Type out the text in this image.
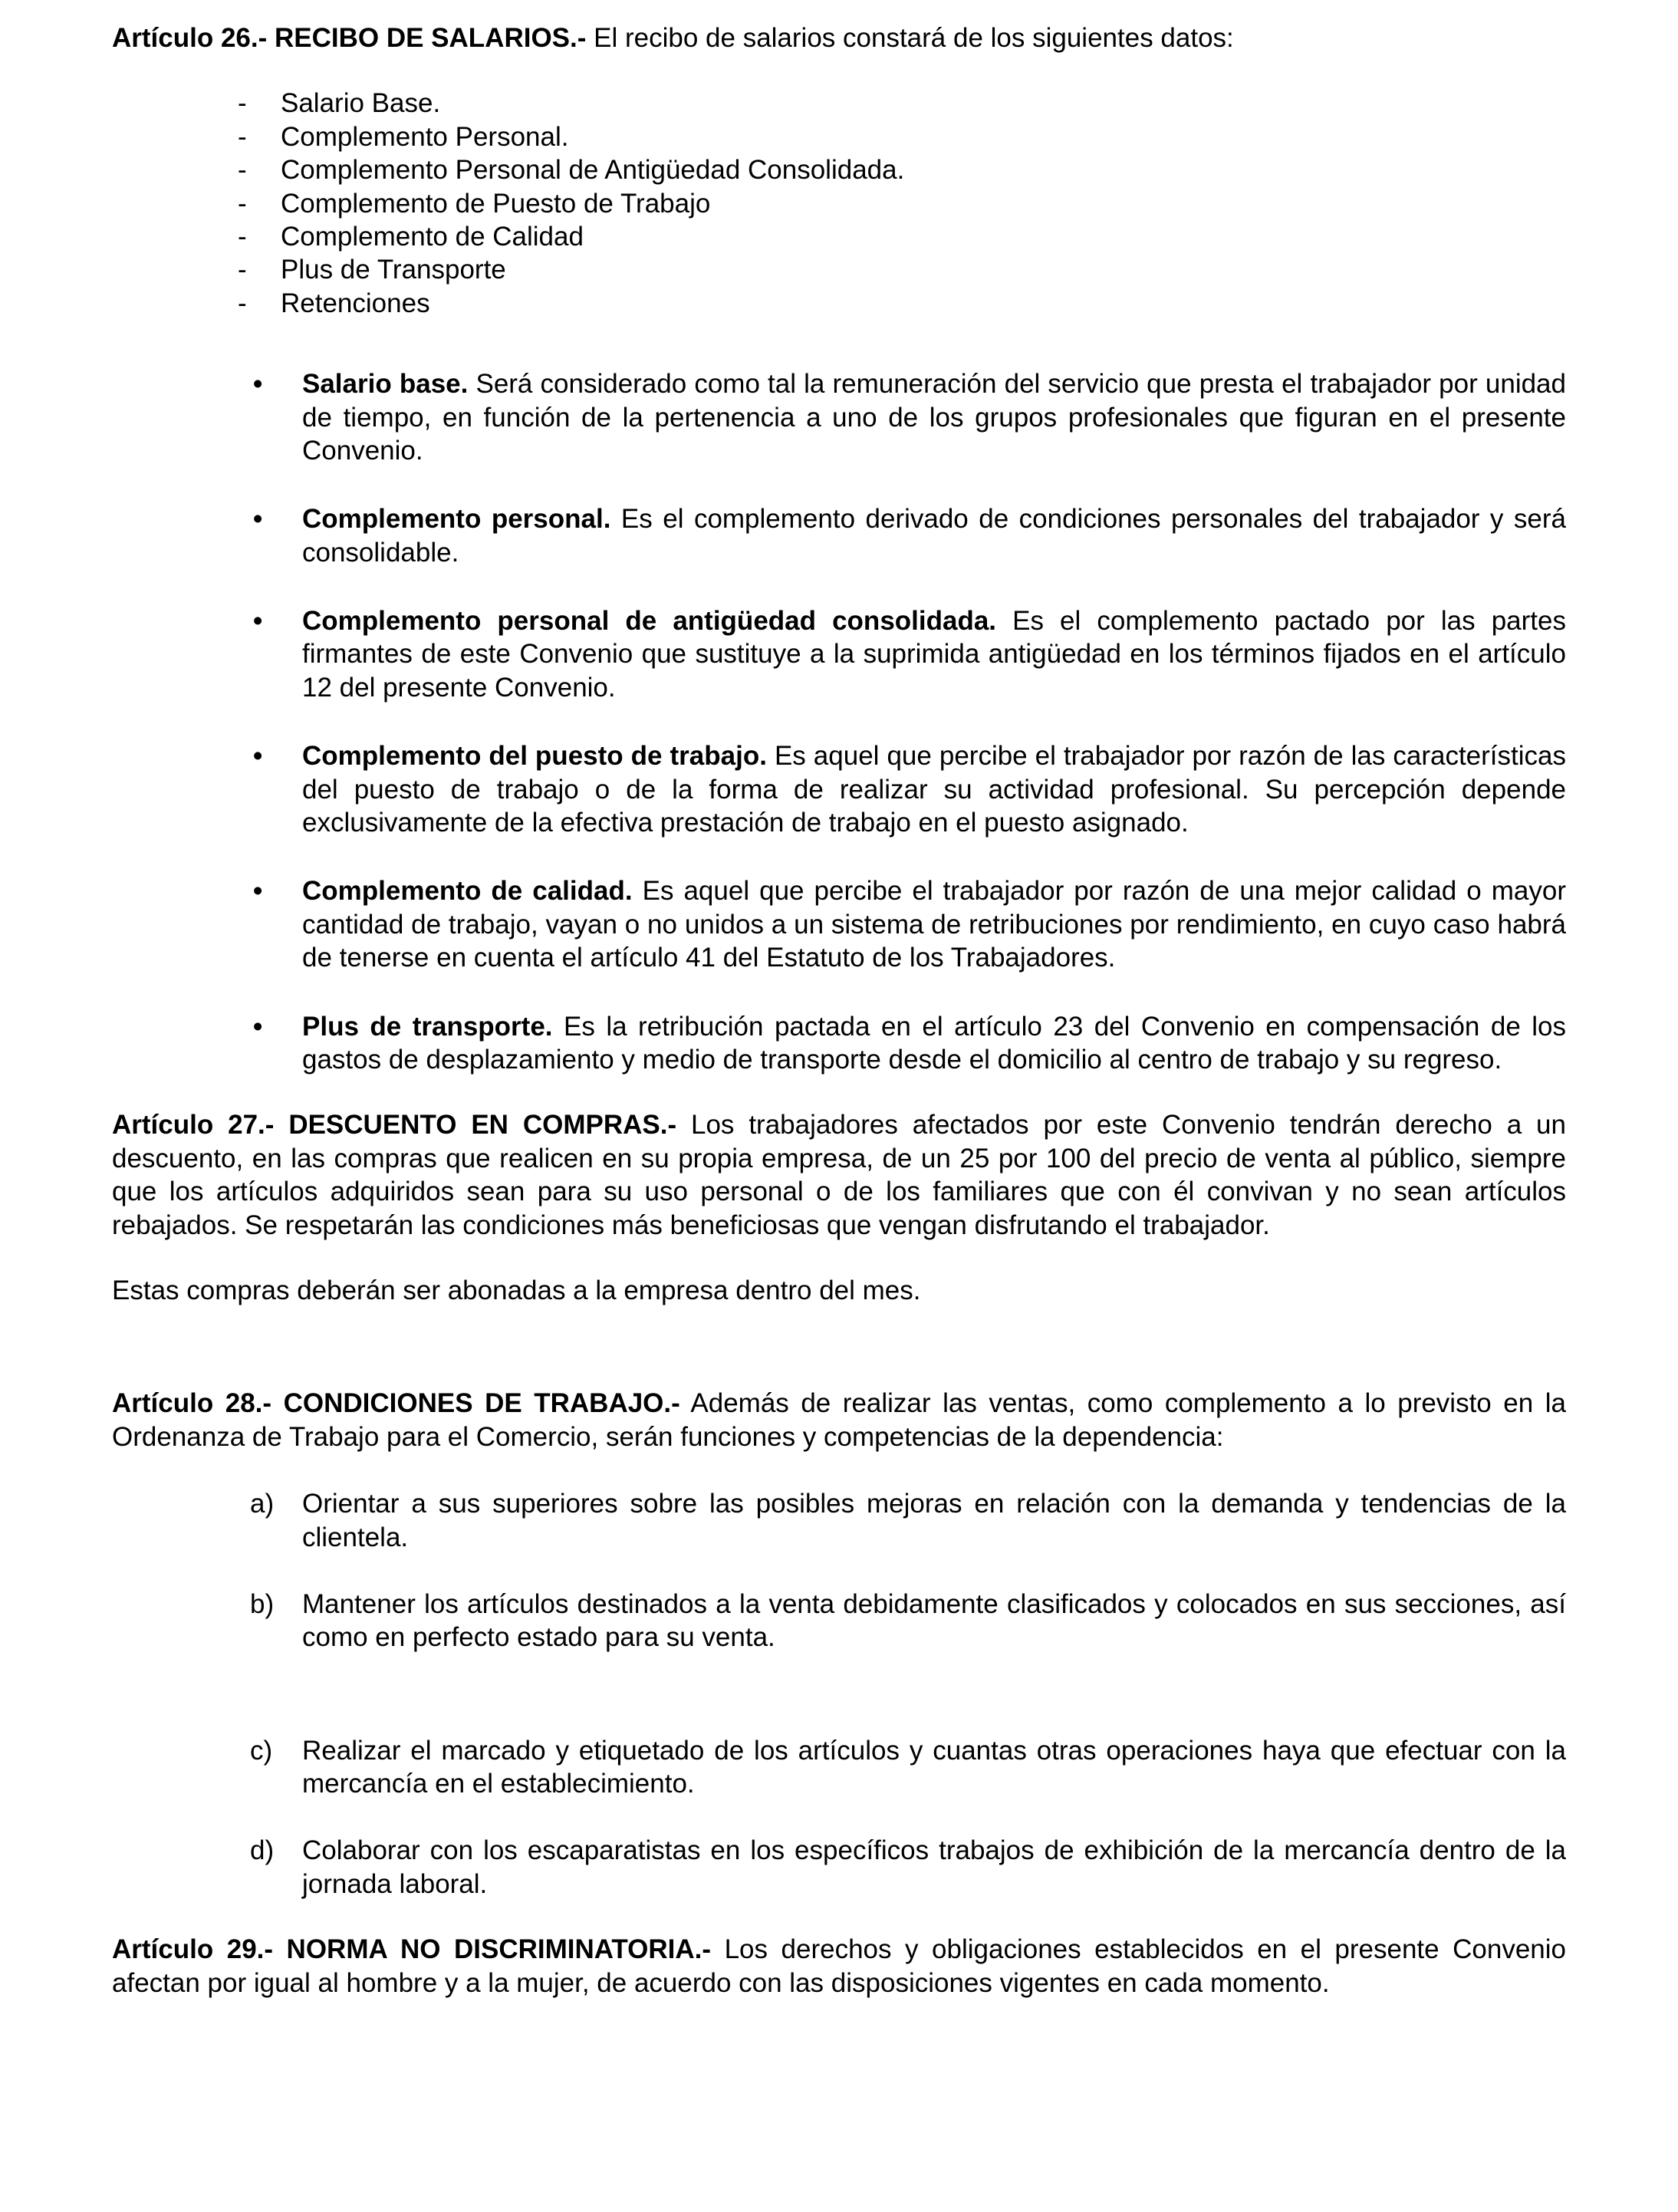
Artículo 26.- RECIBO DE SALARIOS.- El recibo de salarios constará de los siguientes datos:

-	Salario Base.
-	Complemento Personal.
-	Complemento Personal de Antigüedad Consolidada.
-	Complemento de Puesto de Trabajo
-	Complemento de Calidad
-	Plus de Transporte
-	Retenciones
•	Salario base. Será considerado como tal la remuneración del servicio que presta el trabajador por unidad de tiempo, en función de la pertenencia a uno de los grupos profesionales que figuran en el presente Convenio.
•	Complemento personal. Es el complemento derivado de condiciones personales del trabajador y será consolidable.
•	Complemento personal de antigüedad consolidada. Es el complemento pactado por las partes firmantes de este Convenio que sustituye a la suprimida antigüedad en los términos fijados en el artículo 12 del presente Convenio.
•	Complemento del puesto de trabajo. Es aquel que percibe el trabajador por razón de las características del puesto de trabajo o de la forma de realizar su actividad profesional. Su percepción depende exclusivamente de la efectiva prestación de trabajo en el puesto asignado.
•	Complemento de calidad. Es aquel que percibe el trabajador por razón de una mejor calidad o mayor cantidad de trabajo, vayan o no unidos a un sistema de retribuciones por rendimiento, en cuyo caso habrá de tenerse en cuenta el artículo 41 del Estatuto de los Trabajadores.
•	Plus de transporte. Es la retribución pactada en el artículo 23 del Convenio en compensación de los gastos de desplazamiento y medio de transporte desde el domicilio al centro de trabajo y su regreso.

Artículo 27.- DESCUENTO EN COMPRAS.- Los trabajadores afectados por este Convenio tendrán derecho a un descuento, en las compras que realicen en su propia empresa, de un 25 por 100 del precio de venta al público, siempre que los artículos adquiridos sean para su uso personal o de los familiares que con él convivan y no sean artículos rebajados. Se respetarán las condiciones más beneficiosas que vengan disfrutando el trabajador.

Estas compras deberán ser abonadas a la empresa dentro del mes.

Artículo 28.- CONDICIONES DE TRABAJO.- Además de realizar las ventas, como complemento a lo previsto en la Ordenanza de Trabajo para el Comercio, serán funciones y competencias de la dependencia:

a)	Orientar a sus superiores sobre las posibles mejoras en relación con la demanda y tendencias de la clientela.
b)	Mantener los artículos destinados a la venta debidamente clasificados y colocados en sus secciones, así como en perfecto estado para su venta.
c)	Realizar el marcado y etiquetado de los artículos y cuantas otras operaciones haya que efectuar con la mercancía en el establecimiento.
d)	Colaborar con los escaparatistas en los específicos trabajos de exhibición de la mercancía dentro de la jornada laboral.

Artículo 29.- NORMA NO DISCRIMINATORIA.- Los derechos y obligaciones establecidos en el presente Convenio afectan por igual al hombre y a la mujer, de acuerdo con las disposiciones vigentes en cada momento.
